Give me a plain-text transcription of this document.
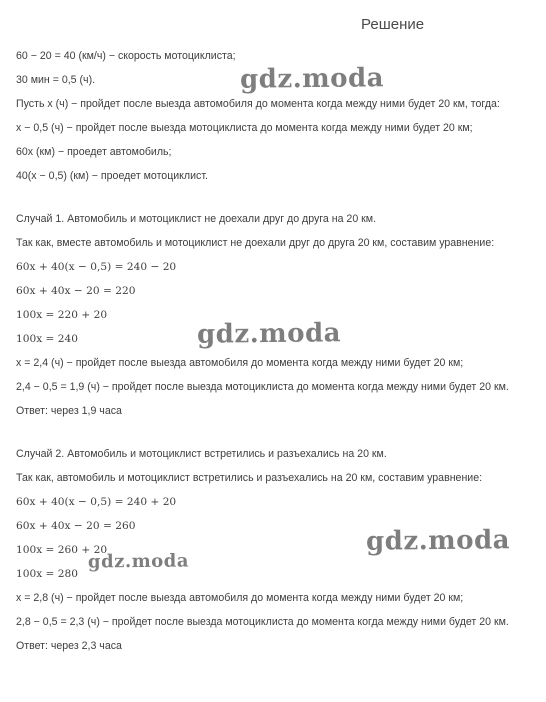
Решение
60 − 20 = 40 (км/ч) − скорость мотоциклиста;
30 мин = 0,5 (ч).
Пусть x (ч) − пройдет после выезда автомобиля до момента когда между ними будет 20 км, тогда:
x − 0,5 (ч) − пройдет после выезда мотоциклиста до момента когда между ними будет 20 км;
60x (км) − проедет автомобиль;
40(x − 0,5) (км) − проедет мотоциклист.
Случай 1. Автомобиль и мотоциклист не доехали друг до друга на 20 км.
Так как, вместе автомобиль и мотоциклист не доехали друг до друга 20 км, составим уравнение:
60x + 40(x − 0,5) = 240 − 20
60x + 40x − 20 = 220
100x = 220 + 20
100x = 240
x = 2,4 (ч) − пройдет после выезда автомобиля до момента когда между ними будет 20 км;
2,4 − 0,5 = 1,9 (ч) − пройдет после выезда мотоциклиста до момента когда между ними будет 20 км.
Ответ: через 1,9 часа
Случай 2. Автомобиль и мотоциклист встретились и разъехались на 20 км.
Так как, автомобиль и мотоциклист встретились и разъехались на 20 км, составим уравнение:
60x + 40(x − 0,5) = 240 + 20
60x + 40x − 20 = 260
100x = 260 + 20
100x = 280
x = 2,8 (ч) − пройдет после выезда автомобиля до момента когда между ними будет 20 км;
2,8 − 0,5 = 2,3 (ч) − пройдет после выезда мотоциклиста до момента когда между ними будет 20 км.
Ответ: через 2,3 часа
gdz.moda
gdz.moda
gdz.moda
gdz.moda
